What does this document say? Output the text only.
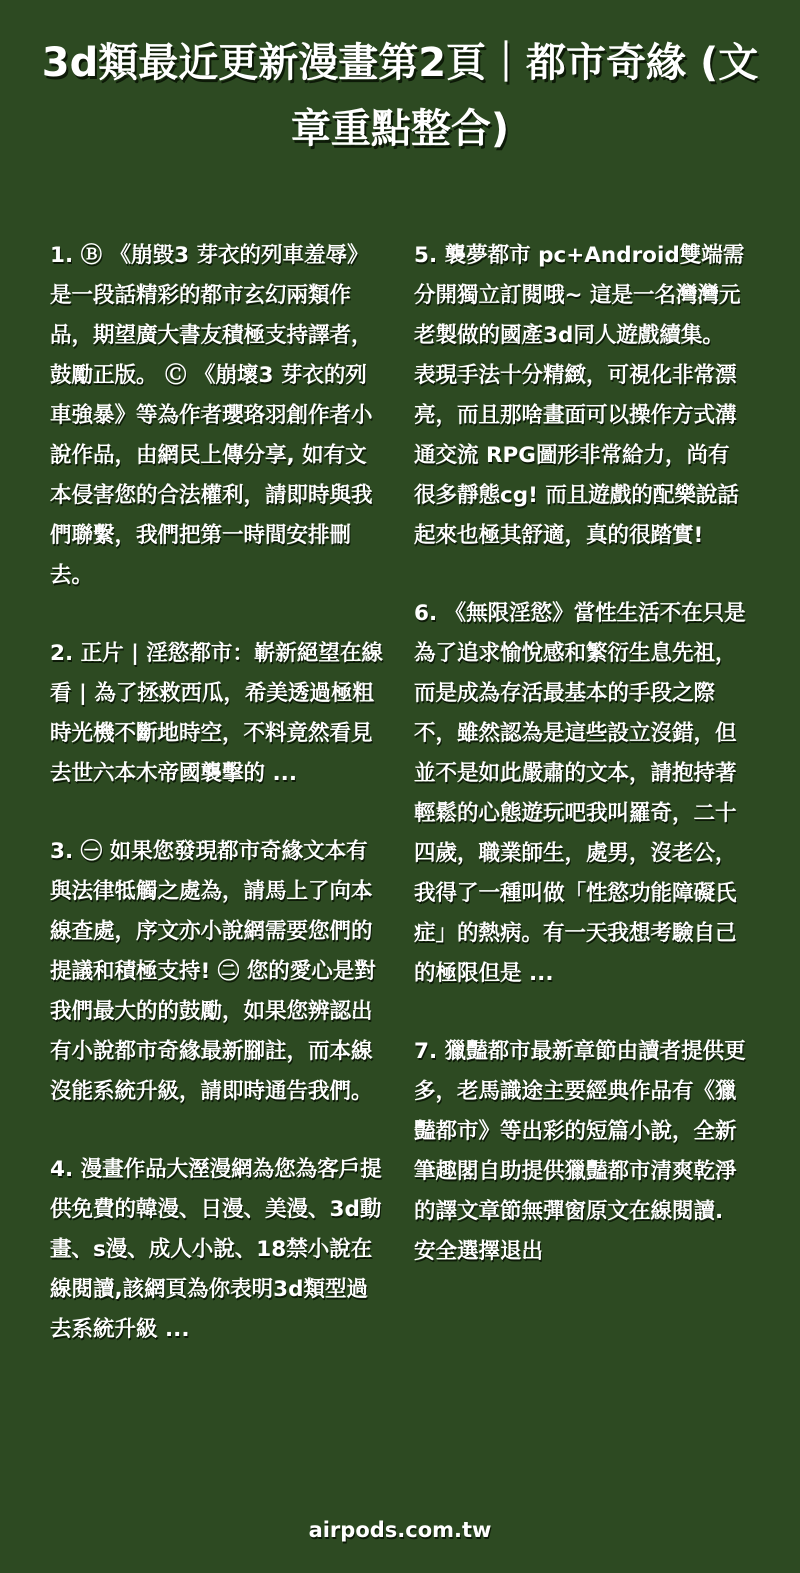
3d類最近更新漫畫第2頁｜都市奇緣 (文章重點整合)

1. Ⓑ 《崩毀3 芽衣的列車羞辱》是一段話精彩的都市玄幻兩類作品，期望廣大書友積極支持譯者，鼓勵正版。 Ⓒ 《崩壞3 芽衣的列車強暴》等為作者瓔珞羽創作者小說作品，由網民上傳分享, 如有文本侵害您的合法權利，請即時與我們聯繫，我們把第一時間安排刪去。

2. 正片 | 淫慾都市：嶄新絕望在線看 | 為了拯救西瓜，希美透過極粗時光機不斷地時空，不料竟然看見去世六本木帝國襲擊的 ...

3. ㊀ 如果您發現都市奇緣文本有與法律牴觸之處為，請馬上了向本線查處，序文亦小說網需要您們的提議和積極支持! ㊁ 您的愛心是對我們最大的的鼓勵，如果您辨認出有小說都市奇緣最新腳註，而本線沒能系統升級，請即時通告我們。

4. 漫畫作品大溼漫網為您為客戶提供免費的韓漫、日漫、美漫、3d動畫、s漫、成人小說、18禁小說在線閱讀,該網頁為你表明3d類型過去系統升級 ...

5. 襲夢都市 pc+Android雙端需分開獨立訂閱哦~ 這是一名灣灣元老製做的國產3d同人遊戲續集。 表現手法十分精緻，可視化非常漂亮，而且那啥畫面可以操作方式溝通交流 RPG圖形非常給力，尚有很多靜態cg! 而且遊戲的配樂說話起來也極其舒適，真的很踏實!

6. 《無限淫慾》當性生活不在只是為了追求愉悅感和繁衍生息先祖，而是成為存活最基本的手段之際不，雖然認為是這些設立沒錯，但並不是如此嚴肅的文本，請抱持著輕鬆的心態遊玩吧我叫羅奇，二十四歲，職業師生，處男，沒老公，我得了一種叫做「性慾功能障礙氏症」的熱病。有一天我想考驗自己的極限但是 ...

7. 獵豔都市最新章節由讀者提供更多，老馬識途主要經典作品有《獵豔都市》等出彩的短篇小說，全新筆趣閣自助提供獵豔都市清爽乾淨的譯文章節無彈窗原文在線閱讀. 安全選擇退出

airpods.com.tw
